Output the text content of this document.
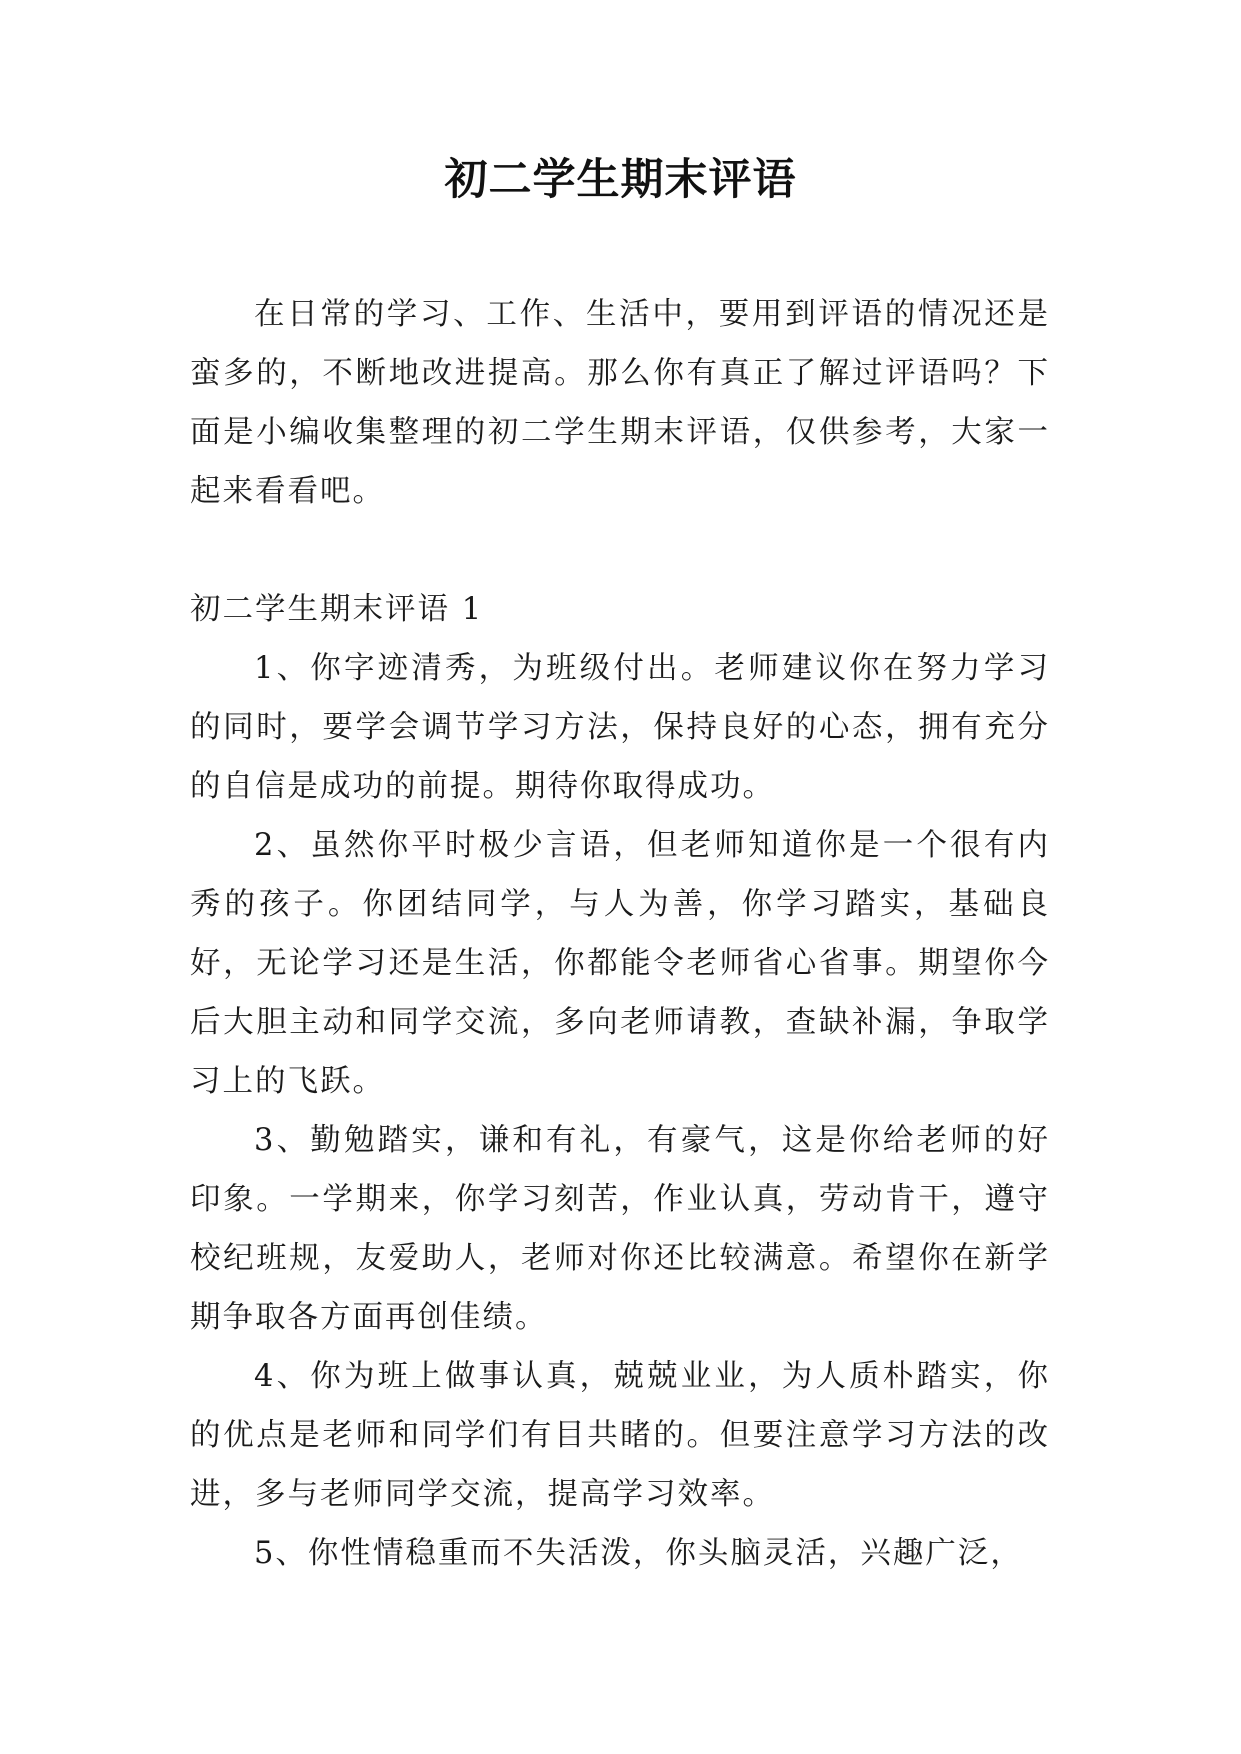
初二学生期末评语

在日常的学习、工作、生活中，要用到评语的情况还是蛮多的，不断地改进提高。那么你有真正了解过评语吗？下面是小编收集整理的初二学生期末评语，仅供参考，大家一起来看看吧。

初二学生期末评语 1

1、你字迹清秀，为班级付出。老师建议你在努力学习的同时，要学会调节学习方法，保持良好的心态，拥有充分的自信是成功的前提。期待你取得成功。

2、虽然你平时极少言语，但老师知道你是一个很有内秀的孩子。你团结同学，与人为善，你学习踏实，基础良好，无论学习还是生活，你都能令老师省心省事。期望你今后大胆主动和同学交流，多向老师请教，查缺补漏，争取学习上的飞跃。

3、勤勉踏实，谦和有礼，有豪气，这是你给老师的好印象。一学期来，你学习刻苦，作业认真，劳动肯干，遵守校纪班规，友爱助人，老师对你还比较满意。希望你在新学期争取各方面再创佳绩。

4、你为班上做事认真，兢兢业业，为人质朴踏实，你的优点是老师和同学们有目共睹的。但要注意学习方法的改进，多与老师同学交流，提高学习效率。

5、你性情稳重而不失活泼，你头脑灵活，兴趣广泛，
